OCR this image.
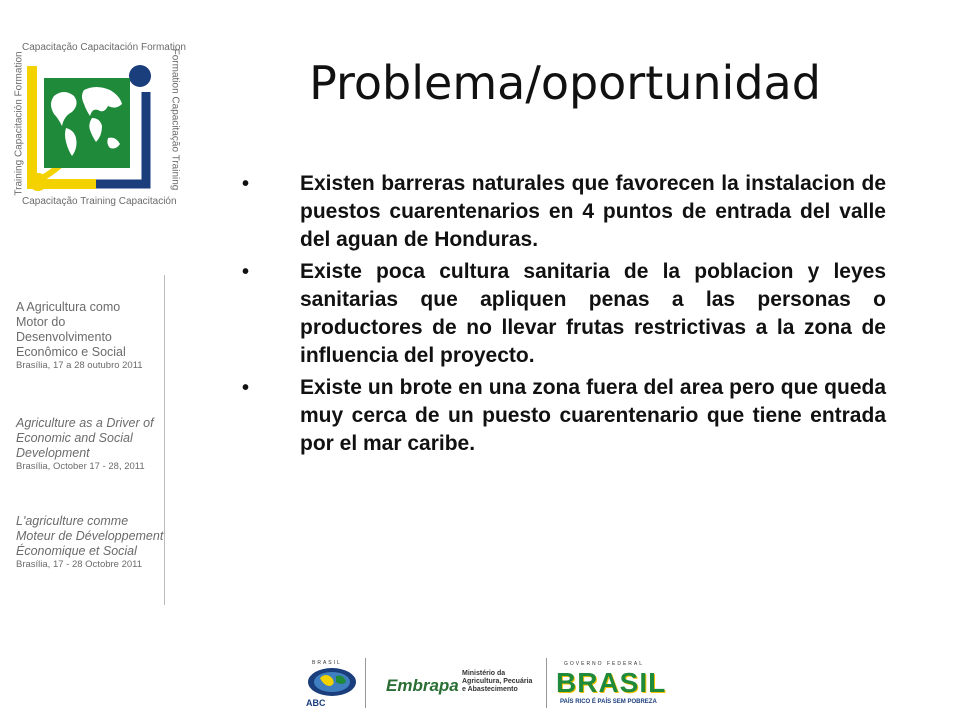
Capacitação Capacitación Formation
Training Capacitación Formation	Formation Capacitação Training
Capacitação Training Capacitación
A Agricultura como
Motor do
Desenvolvimento
Econômico e Social
Brasília, 17 a 28 outubro 2011
Agriculture as a Driver of
Economic and Social
Development
Brasília, October 17 - 28, 2011
L'agriculture comme
Moteur de Développement
Économique et Social
Brasília, 17 - 28 Octobre 2011
Problema/oportunidad
• Existen barreras naturales que favorecen la instalacion de puestos cuarentenarios en 4 puntos de entrada del valle del aguan de Honduras.
• Existe poca cultura sanitaria de la poblacion y leyes sanitarias que apliquen penas a las personas o productores de no llevar frutas restrictivas a la zona de influencia del proyecto.
• Existe un brote en una zona fuera del area pero que queda muy cerca de un puesto cuarentenario que tiene entrada por el mar caribe.
BRASIL
ABC
Embrapa
Ministério da
Agricultura, Pecuária
e Abastecimento
GOVERNO FEDERAL
BRASIL
PAÍS RICO É PAÍS SEM POBREZA
